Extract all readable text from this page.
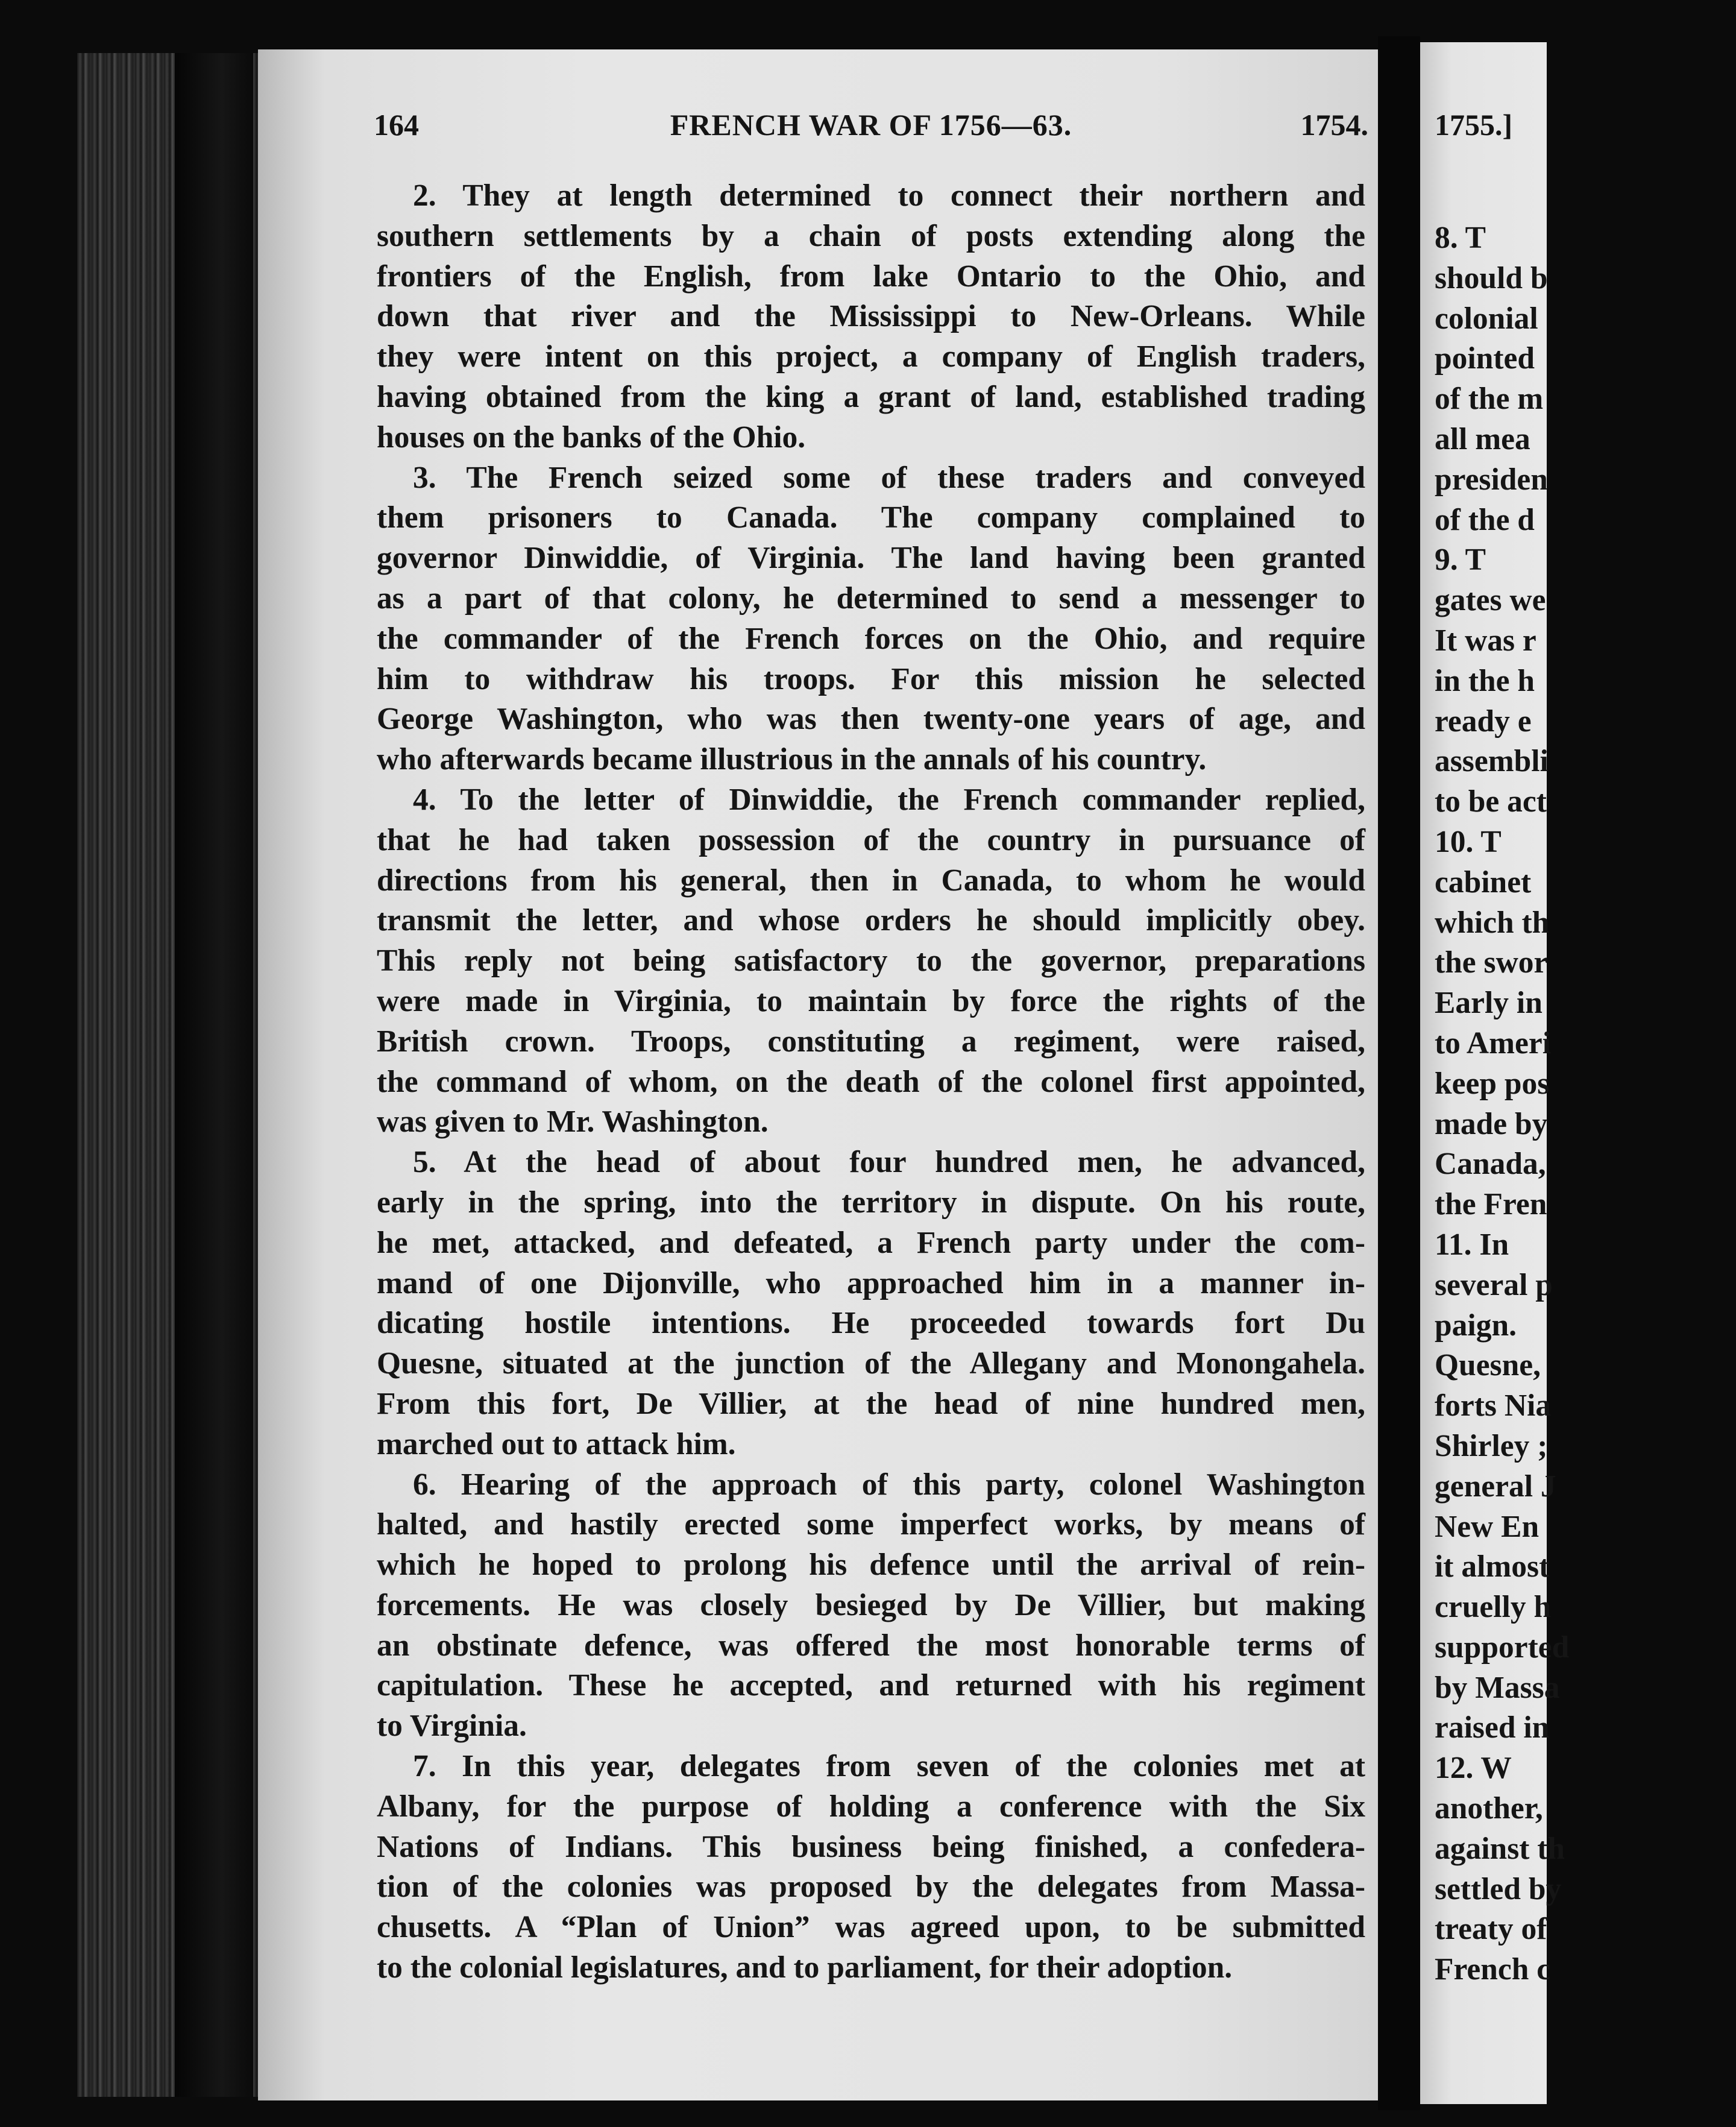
164	FRENCH WAR OF 1756—63.	1754.
2. They at length determined to connect their northern and
southern settlements by a chain of posts extending along the
frontiers of the English, from lake Ontario to the Ohio, and
down that river and the Mississippi to New-Orleans. While
they were intent on this project, a company of English traders,
having obtained from the king a grant of land, established trading
houses on the banks of the Ohio.
3. The French seized some of these traders and conveyed
them prisoners to Canada. The company complained to
governor Dinwiddie, of Virginia. The land having been granted
as a part of that colony, he determined to send a messenger to
the commander of the French forces on the Ohio, and require
him to withdraw his troops. For this mission he selected
George Washington, who was then twenty-one years of age, and
who afterwards became illustrious in the annals of his country.
4. To the letter of Dinwiddie, the French commander replied,
that he had taken possession of the country in pursuance of
directions from his general, then in Canada, to whom he would
transmit the letter, and whose orders he should implicitly obey.
This reply not being satisfactory to the governor, preparations
were made in Virginia, to maintain by force the rights of the
British crown. Troops, constituting a regiment, were raised,
the command of whom, on the death of the colonel first appointed,
was given to Mr. Washington.
5. At the head of about four hundred men, he advanced,
early in the spring, into the territory in dispute. On his route,
he met, attacked, and defeated, a French party under the com-
mand of one Dijonville, who approached him in a manner in-
dicating hostile intentions. He proceeded towards fort Du
Quesne, situated at the junction of the Allegany and Monongahela.
From this fort, De Villier, at the head of nine hundred men,
marched out to attack him.
6. Hearing of the approach of this party, colonel Washington
halted, and hastily erected some imperfect works, by means of
which he hoped to prolong his defence until the arrival of rein-
forcements. He was closely besieged by De Villier, but making
an obstinate defence, was offered the most honorable terms of
capitulation. These he accepted, and returned with his regiment
to Virginia.
7. In this year, delegates from seven of the colonies met at
Albany, for the purpose of holding a conference with the Six
Nations of Indians. This business being finished, a confedera-
tion of the colonies was proposed by the delegates from Massa-
chusetts. A “Plan of Union” was agreed upon, to be submitted
to the colonial legislatures, and to parliament, for their adoption.
1755.]
8. T
should b
colonial
pointed
of the m
all mea
presiden
of the d
9. T
gates we
It was r
in the h
ready e
assembli
to be act
10. T
cabinet
which th
the swor
Early in
to Ameri
keep pos
made by
Canada,
the Fren
11. In
several p
paign.
Quesne,
forts Nia
Shirley ;
general J
New En
it almost
cruelly h
supported
by Massa
raised in
12. W
another,
against th
settled by
treaty of
French c
